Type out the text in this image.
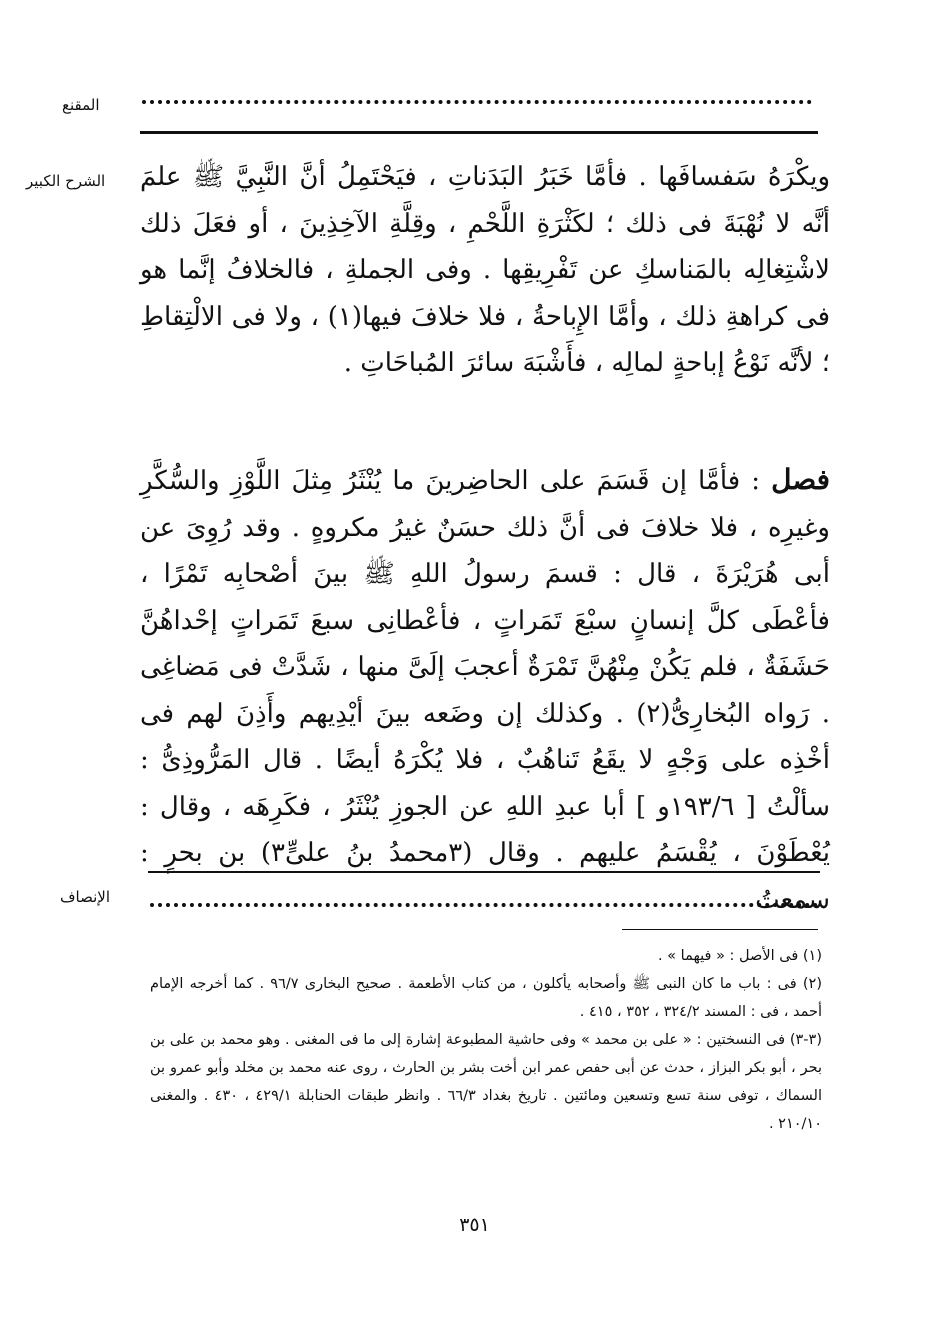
المقنع
الشرح الكبير ويكْرَهُ سَفسافَها . فأمَّا خَبَرُ البَدَناتِ ، فيَحْتَمِلُ أنَّ النَّبِيَّ ﷺ علمَ أنَّه لا نُهْبَةَ فى ذلك ؛ لكَثْرَةِ اللَّحْمِ ، وقِلَّةِ الآخِذِينَ ، أو فعَلَ ذلك لاشْتِغالِه بالمَناسكِ عن تَفْرِيقِها . وفى الجملةِ ، فالخلافُ إنَّما هو فى كراهةِ ذلك ، وأمَّا الإِباحةُ ، فلا خلافَ فيها(١) ، ولا فى الالْتِقاطِ ؛ لأنَّه نَوْعُ إباحةٍ لمالِه ، فأَشْبَهَ سائرَ المُباحَاتِ .

فصل : فأمَّا إن قَسَمَ على الحاضِرينَ ما يُنْثَرُ مِثلَ اللَّوْزِ والسُّكَّرِ وغيرِه ، فلا خلافَ فى أنَّ ذلك حسَنٌ غيرُ مكروهٍ . وقد رُوِىَ عن أبى هُرَيْرَةَ ، قال : قسمَ رسولُ اللهِ ﷺ بينَ أصْحابِه تَمْرًا ، فأعْطَى كلَّ إنسانٍ سبْعَ تَمَراتٍ ، فأعْطانِى سبعَ تَمَراتٍ إحْداهُنَّ حَشَفَةٌ ، فلم يَكُنْ مِنْهُنَّ تَمْرَةٌ أعجبَ إلَىَّ منها ، شَدَّتْ فى مَضاغِى . رَواه البُخارِىُّ(٢) . وكذلك إن وضَعه بينَ أيْدِيهم وأَذِنَ لهم فى أخْذِه على وَجْهٍ لا يقَعُ تَناهُبٌ ، فلا يُكْرَهُ أيضًا . قال المَرُّوذِىُّ : سألْتُ [ ١٩٣/٦و ] أبا عبدِ اللهِ عن الجوزِ يُنْثَرُ ، فكَرِهَه ، وقال : يُعْطَوْنَ ، يُقْسَمُ عليهم . وقال (٣محمدُ بنُ علىٍّ٣) بن بحرٍ : سمعتُ

الإنصاف

(١) فى الأصل : « فيهما » .

(٢) فى : باب ما كان النبى ﷺ وأصحابه يأكلون ، من كتاب الأطعمة . صحيح البخارى ٩٦/٧ . كما أخرجه الإمام أحمد ، فى : المسند ٣٢٤/٢ ، ٣٥٢ ، ٤١٥ .

(٣-٣) فى النسختين : « على بن محمد » وفى حاشية المطبوعة إشارة إلى ما فى المغنى . وهو محمد بن على بن بحر ، أبو بكر البزاز ، حدث عن أبى حفص عمر ابن أخت بشر بن الحارث ، روى عنه محمد بن مخلد وأبو عمرو بن السماك ، توفى سنة تسع وتسعين ومائتين . تاريخ بغداد ٦٦/٣ . وانظر طبقات الحنابلة ٤٢٩/١ ، ٤٣٠ . والمغنى ٢١٠/١٠ .

٣٥١
